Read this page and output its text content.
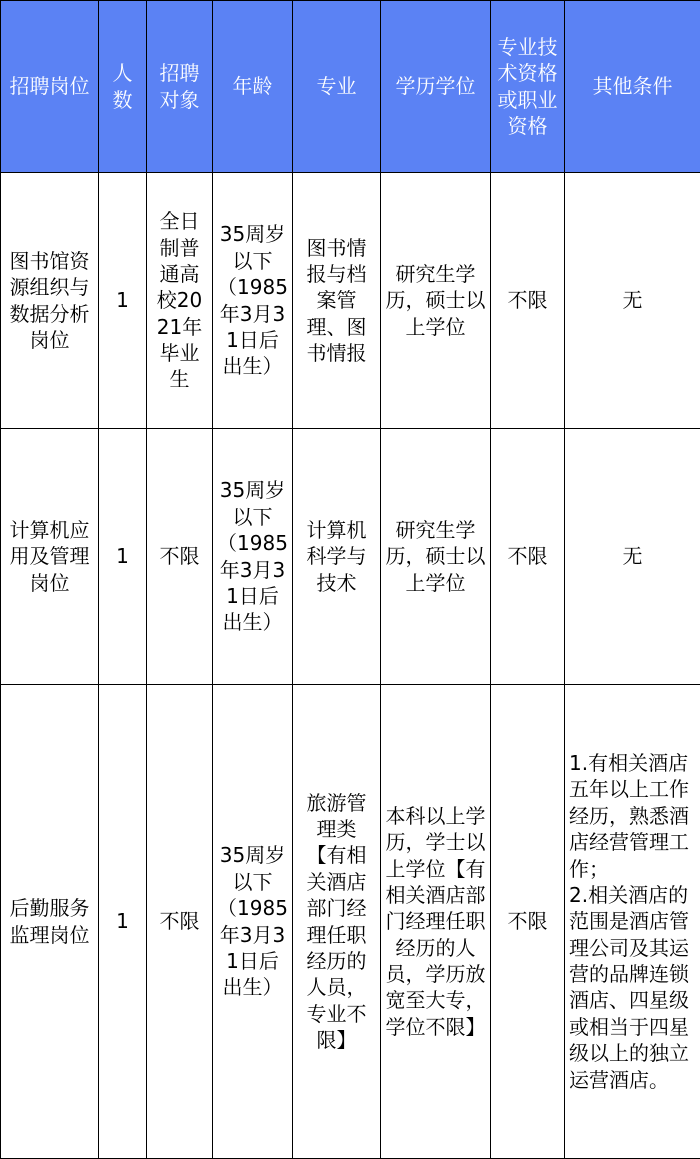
招聘岗位	人数	招聘对象	年龄	专业	学历学位	专业技术资格或职业资格	其他条件
图书馆资源组织与数据分析岗位	1	全日制普通高校2021年毕业生	35周岁以下（1985年3月31日后出生）	图书情报与档案管理、图书情报	研究生学历，硕士以上学位	不限	无
计算机应用及管理岗位	1	不限	35周岁以下（1985年3月31日后出生）	计算机科学与技术	研究生学历，硕士以上学位	不限	无
后勤服务监理岗位	1	不限	35周岁以下（1985年3月31日后出生）	旅游管理类【有相关酒店部门经理任职经历的人员，专业不限】	本科以上学历，学士以上学位【有相关酒店部门经理任职经历的人员，学历放宽至大专，学位不限】	不限	1.有相关酒店五年以上工作经历，熟悉酒店经营管理工作；
2.相关酒店的范围是酒店管理公司及其运营的品牌连锁酒店、四星级或相当于四星级以上的独立运营酒店。
